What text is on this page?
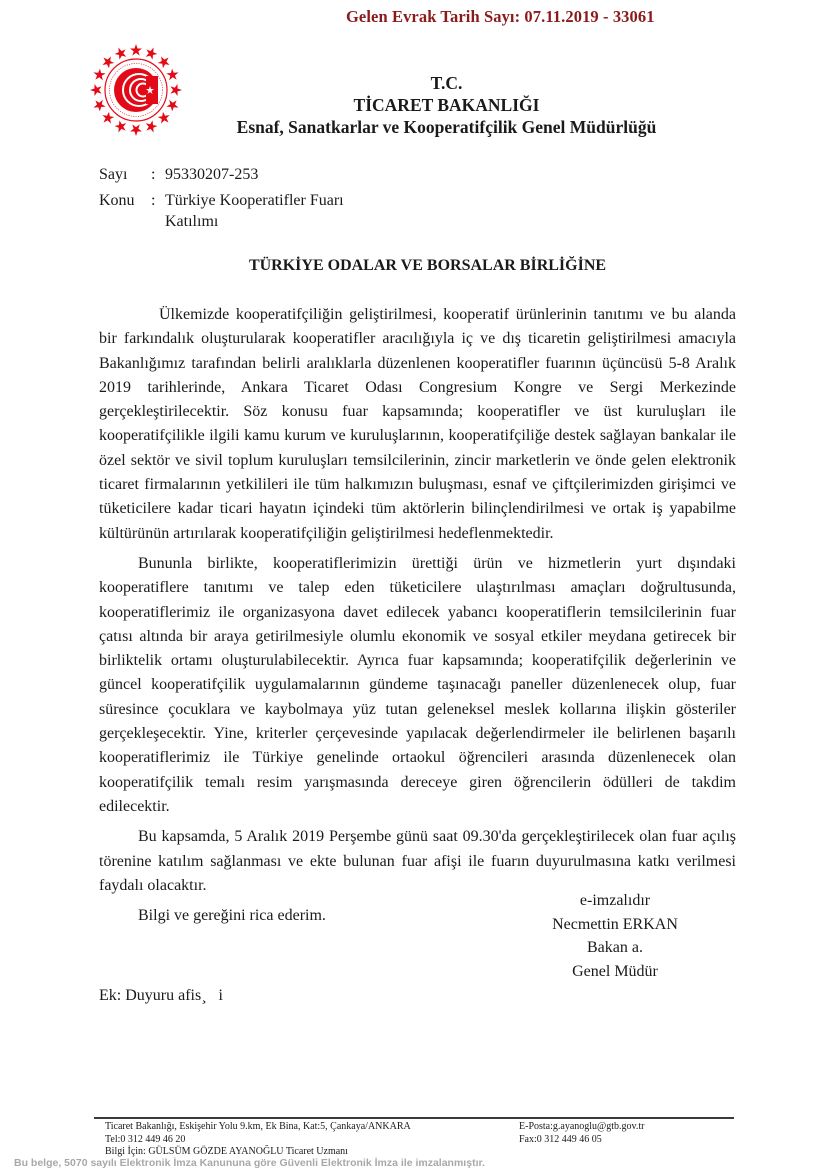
Gelen Evrak Tarih Sayı: 07.11.2019 - 33061
T.C.
TİCARET BAKANLIĞI
Esnaf, Sanatkarlar ve Kooperatifçilik Genel Müdürlüğü
Sayı	: 95330207-253
Konu	: Türkiye Kooperatifler Fuarı Katılımı
TÜRKİYE ODALAR VE BORSALAR BİRLİĞİNE

Ülkemizde kooperatifçiliğin geliştirilmesi, kooperatif ürünlerinin tanıtımı ve bu alanda bir farkındalık oluşturularak kooperatifler aracılığıyla iç ve dış ticaretin geliştirilmesi amacıyla Bakanlığımız tarafından belirli aralıklarla düzenlenen kooperatifler fuarının üçüncüsü 5-8 Aralık 2019 tarihlerinde, Ankara Ticaret Odası Congresium Kongre ve Sergi Merkezinde gerçekleştirilecektir. Söz konusu fuar kapsamında; kooperatifler ve üst kuruluşları ile kooperatifçilikle ilgili kamu kurum ve kuruluşlarının, kooperatifçiliğe destek sağlayan bankalar ile özel sektör ve sivil toplum kuruluşları temsilcilerinin, zincir marketlerin ve önde gelen elektronik ticaret firmalarının yetkilileri ile tüm halkımızın buluşması, esnaf ve çiftçilerimizden girişimci ve tüketicilere kadar ticari hayatın içindeki tüm aktörlerin bilinçlendirilmesi ve ortak iş yapabilme kültürünün artırılarak kooperatifçiliğin geliştirilmesi hedeflenmektedir.

Bununla birlikte, kooperatiflerimizin ürettiği ürün ve hizmetlerin yurt dışındaki kooperatiflere tanıtımı ve talep eden tüketicilere ulaştırılması amaçları doğrultusunda, kooperatiflerimiz ile organizasyona davet edilecek yabancı kooperatiflerin temsilcilerinin fuar çatısı altında bir araya getirilmesiyle olumlu ekonomik ve sosyal etkiler meydana getirecek bir birliktelik ortamı oluşturulabilecektir. Ayrıca fuar kapsamında; kooperatifçilik değerlerinin ve güncel kooperatifçilik uygulamalarının gündeme taşınacağı paneller düzenlenecek olup, fuar süresince çocuklara ve kaybolmaya yüz tutan geleneksel meslek kollarına ilişkin gösteriler gerçekleşecektir. Yine, kriterler çerçevesinde yapılacak değerlendirmeler ile belirlenen başarılı kooperatiflerimiz ile Türkiye genelinde ortaokul öğrencileri arasında düzenlenecek olan kooperatifçilik temalı resim yarışmasında dereceye giren öğrencilerin ödülleri de takdim edilecektir.

Bu kapsamda, 5 Aralık 2019 Perşembe günü saat 09.30'da gerçekleştirilecek olan fuar açılış törenine katılım sağlanması ve ekte bulunan fuar afişi ile fuarın duyurulmasına katkı verilmesi faydalı olacaktır.

Bilgi ve gereğini rica ederim.

e-imzalıdır
Necmettin ERKAN
Bakan a.
Genel Müdür
Ek: Duyuru afis¸   i
Ticaret Bakanlığı, Eskişehir Yolu 9.km, Ek Bina, Kat:5, Çankaya/ANKARA
Tel:0 312 449 46 20
Bilgi İçin: GÜLSÜM GÖZDE AYANOĞLU Ticaret Uzmanı
E-Posta:g.ayanoglu@gtb.gov.tr
Fax:0 312 449 46 05
Bu belge, 5070 sayılı Elektronik İmza Kanununa göre Güvenli Elektronik İmza ile imzalanmıştır.
